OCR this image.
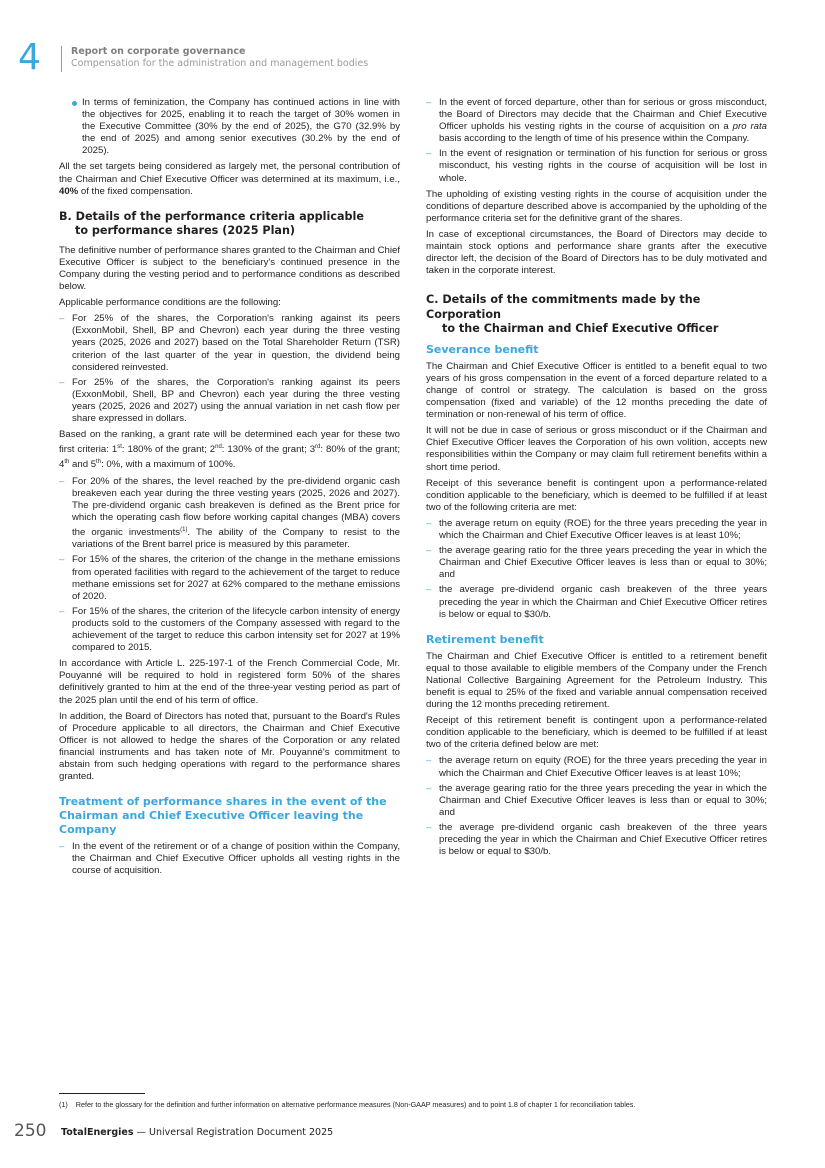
4	Report on corporate governance
Compensation for the administration and management bodies
In terms of feminization, the Company has continued actions in line with the objectives for 2025, enabling it to reach the target of 30% women in the Executive Committee (30% by the end of 2025), the G70 (32.9% by the end of 2025) and among senior executives (30.2% by the end of 2025).

All the set targets being considered as largely met, the personal contribution of the Chairman and Chief Executive Officer was determined at its maximum, i.e., 40% of the fixed compensation.

B. Details of the performance criteria applicable
to performance shares (2025 Plan)

The definitive number of performance shares granted to the Chairman and Chief Executive Officer is subject to the beneficiary's continued presence in the Company during the vesting period and to performance conditions as described below.

Applicable performance conditions are the following:

– For 25% of the shares, the Corporation's ranking against its peers (ExxonMobil, Shell, BP and Chevron) each year during the three vesting years (2025, 2026 and 2027) based on the Total Shareholder Return (TSR) criterion of the last quarter of the year in question, the dividend being considered reinvested.
– For 25% of the shares, the Corporation's ranking against its peers (ExxonMobil, Shell, BP and Chevron) each year during the three vesting years (2025, 2026 and 2027) using the annual variation in net cash flow per share expressed in dollars.

Based on the ranking, a grant rate will be determined each year for these two first criteria: 1st: 180% of the grant; 2nd: 130% of the grant; 3rd: 80% of the grant; 4th and 5th: 0%, with a maximum of 100%.

– For 20% of the shares, the level reached by the pre-dividend organic cash breakeven each year during the three vesting years (2025, 2026 and 2027). The pre-dividend organic cash breakeven is defined as the Brent price for which the operating cash flow before working capital changes (MBA) covers the organic investments$^{(1)}$. The ability of the Company to resist to the variations of the Brent barrel price is measured by this parameter.
– For 15% of the shares, the criterion of the change in the methane emissions from operated facilities with regard to the achievement of the target to reduce methane emissions set for 2027 at 62% compared to the methane emissions of 2020.
– For 15% of the shares, the criterion of the lifecycle carbon intensity of energy products sold to the customers of the Company assessed with regard to the achievement of the target to reduce this carbon intensity set for 2027 at 19% compared to 2015.

In accordance with Article L. 225-197-1 of the French Commercial Code, Mr. Pouyanné will be required to hold in registered form 50% of the shares definitively granted to him at the end of the three-year vesting period as part of the 2025 plan until the end of his term of office.

In addition, the Board of Directors has noted that, pursuant to the Board's Rules of Procedure applicable to all directors, the Chairman and Chief Executive Officer is not allowed to hedge the shares of the Corporation or any related financial instruments and has taken note of Mr. Pouyanné's commitment to abstain from such hedging operations with regard to the performance shares granted.

Treatment of performance shares in the event of the Chairman and Chief Executive Officer leaving the Company
– In the event of the retirement or of a change of position within the Company, the Chairman and Chief Executive Officer upholds all vesting rights in the course of acquisition.
– In the event of forced departure, other than for serious or gross misconduct, the Board of Directors may decide that the Chairman and Chief Executive Officer upholds his vesting rights in the course of acquisition on a pro rata basis according to the length of time of his presence within the Company.
– In the event of resignation or termination of his function for serious or gross misconduct, his vesting rights in the course of acquisition will be lost in whole.

The upholding of existing vesting rights in the course of acquisition under the conditions of departure described above is accompanied by the upholding of the performance criteria set for the definitive grant of the shares.

In case of exceptional circumstances, the Board of Directors may decide to maintain stock options and performance share grants after the executive director left, the decision of the Board of Directors has to be duly motivated and taken in the corporate interest.

C. Details of the commitments made by the Corporation
to the Chairman and Chief Executive Officer
Severance benefit

The Chairman and Chief Executive Officer is entitled to a benefit equal to two years of his gross compensation in the event of a forced departure related to a change of control or strategy. The calculation is based on the gross compensation (fixed and variable) of the 12 months preceding the date of termination or non-renewal of his term of office.

It will not be due in case of serious or gross misconduct or if the Chairman and Chief Executive Officer leaves the Corporation of his own volition, accepts new responsibilities within the Company or may claim full retirement benefits within a short time period.

Receipt of this severance benefit is contingent upon a performance-related condition applicable to the beneficiary, which is deemed to be fulfilled if at least two of the following criteria are met:

– the average return on equity (ROE) for the three years preceding the year in which the Chairman and Chief Executive Officer leaves is at least 10%;
– the average gearing ratio for the three years preceding the year in which the Chairman and Chief Executive Officer leaves is less than or equal to 30%; and
– the average pre-dividend organic cash breakeven of the three years preceding the year in which the Chairman and Chief Executive Officer retires is below or equal to $30/b.
Retirement benefit

The Chairman and Chief Executive Officer is entitled to a retirement benefit equal to those available to eligible members of the Company under the French National Collective Bargaining Agreement for the Petroleum Industry. This benefit is equal to 25% of the fixed and variable annual compensation received during the 12 months preceding retirement.

Receipt of this retirement benefit is contingent upon a performance-related condition applicable to the beneficiary, which is deemed to be fulfilled if at least two of the criteria defined below are met:

– the average return on equity (ROE) for the three years preceding the year in which the Chairman and Chief Executive Officer leaves is at least 10%;
– the average gearing ratio for the three years preceding the year in which the Chairman and Chief Executive Officer leaves is less than or equal to 30%; and
– the average pre-dividend organic cash breakeven of the three years preceding the year in which the Chairman and Chief Executive Officer retires is below or equal to $30/b.
(1) Refer to the glossary for the definition and further information on alternative performance measures (Non-GAAP measures) and to point 1.8 of chapter 1 for reconciliation tables.
250 TotalEnergies — Universal Registration Document 2025
